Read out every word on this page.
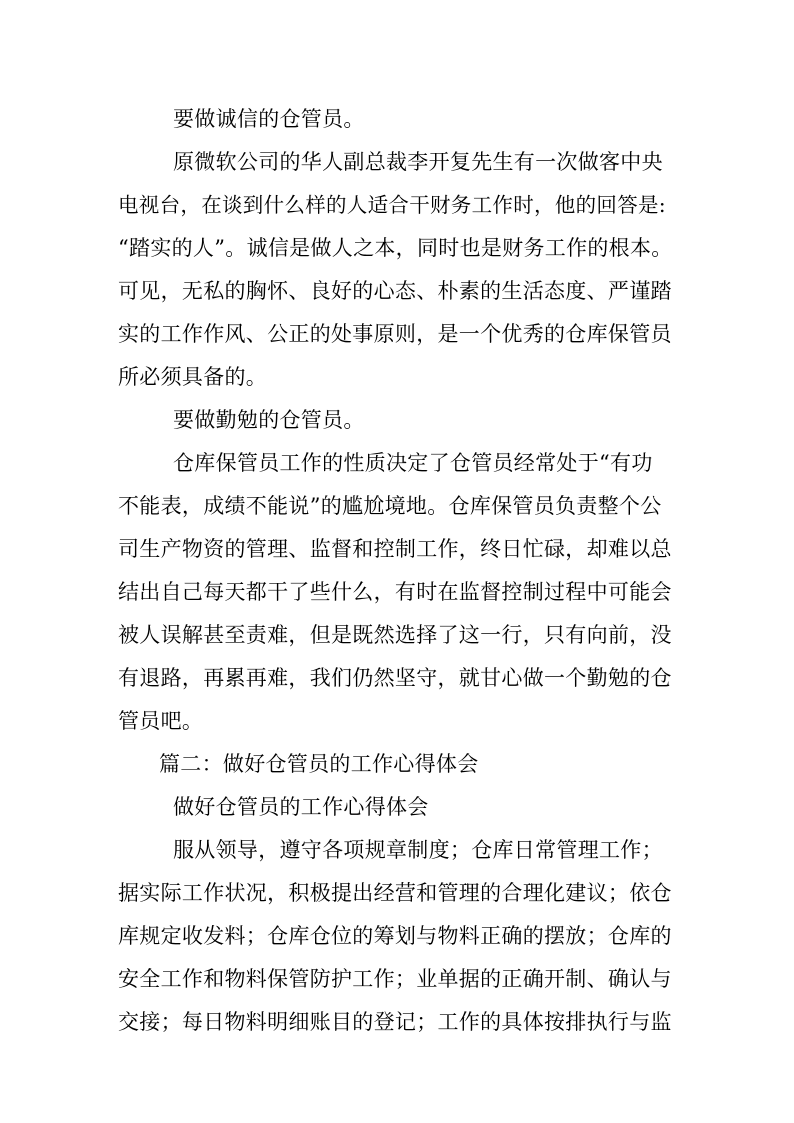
要做诚信的仓管员。
原微软公司的华人副总裁李开复先生有一次做客中央
电视台，在谈到什么样的人适合干财务工作时，他的回答是:
“踏实的人”。诚信是做人之本，同时也是财务工作的根本。
可见，无私的胸怀、良好的心态、朴素的生活态度、严谨踏
实的工作作风、公正的处事原则，是一个优秀的仓库保管员
所必须具备的。
要做勤勉的仓管员。
仓库保管员工作的性质决定了仓管员经常处于“有功
不能表，成绩不能说”的尴尬境地。仓库保管员负责整个公
司生产物资的管理、监督和控制工作，终日忙碌，却难以总
结出自己每天都干了些什么，有时在监督控制过程中可能会
被人误解甚至责难，但是既然选择了这一行，只有向前，没
有退路，再累再难，我们仍然坚守，就甘心做一个勤勉的仓
管员吧。
篇二：做好仓管员的工作心得体会
做好仓管员的工作心得体会
服从领导，遵守各项规章制度；仓库日常管理工作；
据实际工作状况，积极提出经营和管理的合理化建议；依仓
库规定收发料；仓库仓位的筹划与物料正确的摆放；仓库的
安全工作和物料保管防护工作；业单据的正确开制、确认与
交接；每日物料明细账目的登记；工作的具体按排执行与监
